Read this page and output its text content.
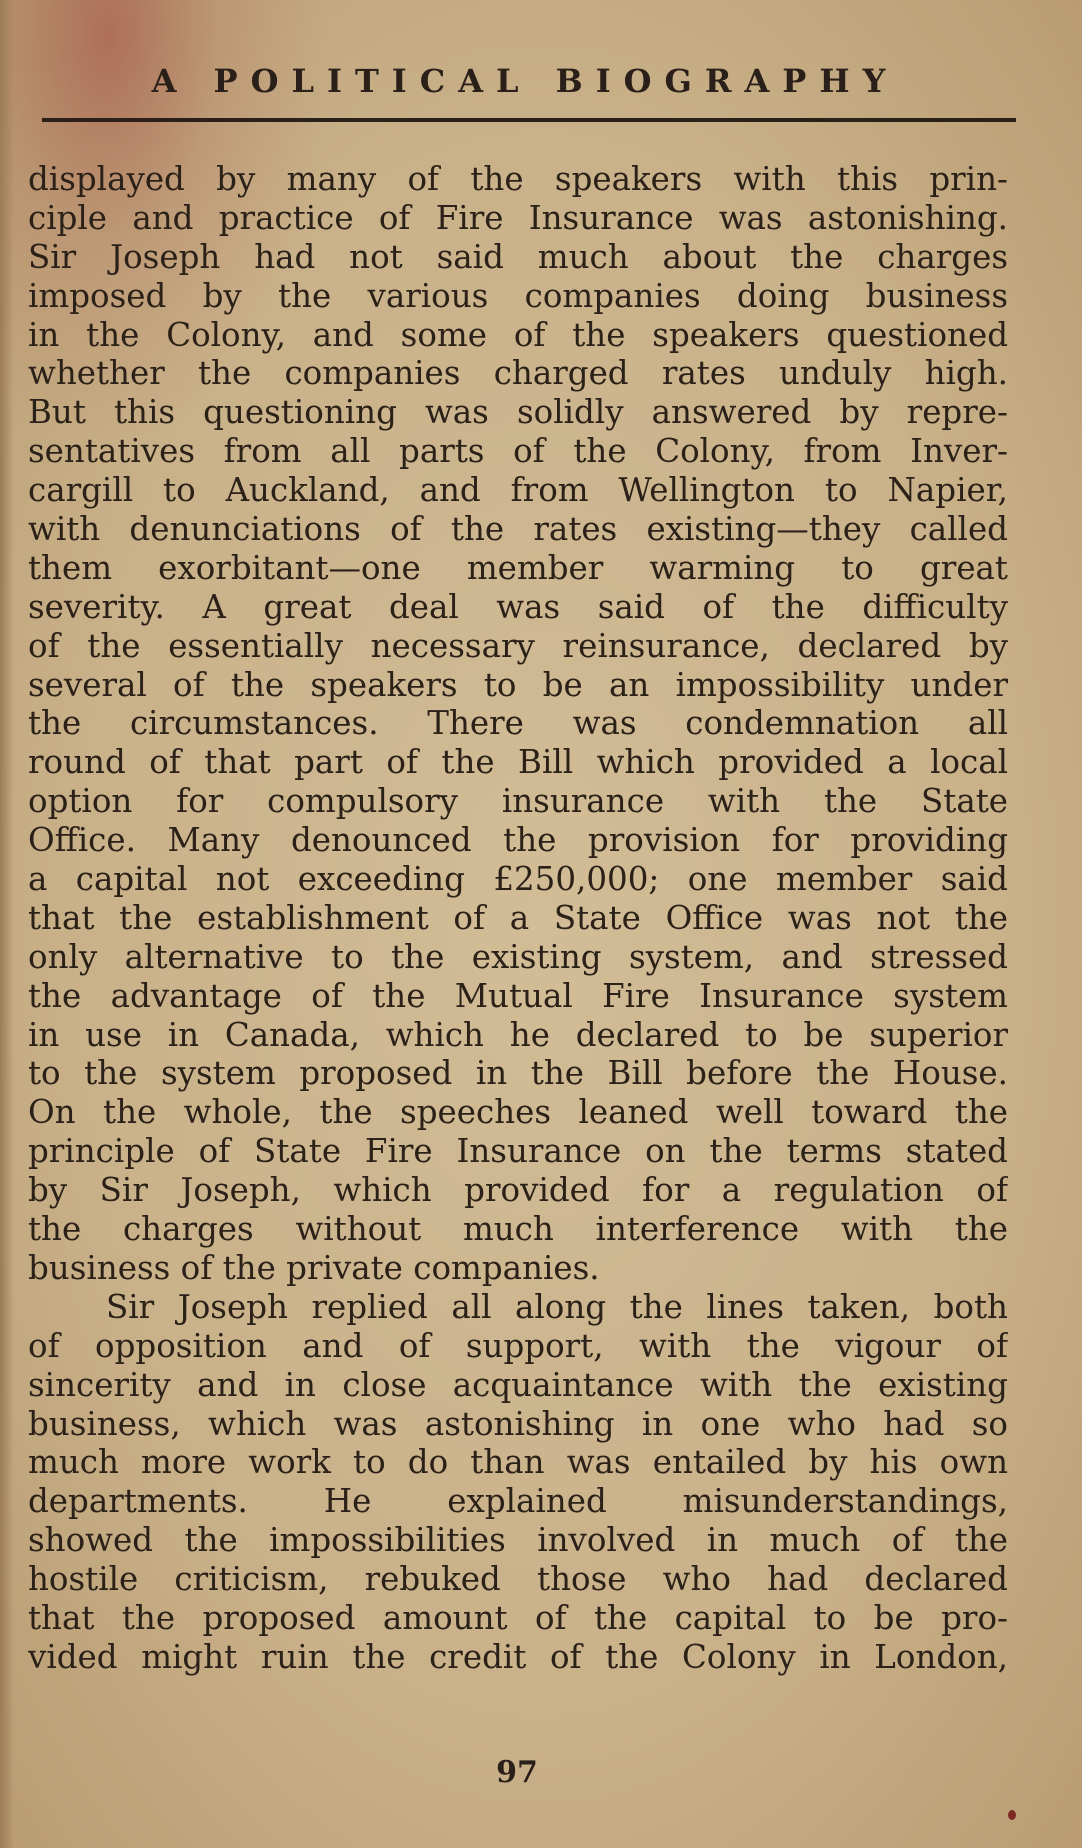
A POLITICAL BIOGRAPHY
displayed by many of the speakers with this prin-
ciple and practice of Fire Insurance was astonishing.
Sir Joseph had not said much about the charges
imposed by the various companies doing business
in the Colony, and some of the speakers questioned
whether the companies charged rates unduly high.
But this questioning was solidly answered by repre-
sentatives from all parts of the Colony, from Inver-
cargill to Auckland, and from Wellington to Napier,
with denunciations of the rates existing—they called
them exorbitant—one member warming to great
severity. A great deal was said of the difficulty
of the essentially necessary reinsurance, declared by
several of the speakers to be an impossibility under
the circumstances. There was condemnation all
round of that part of the Bill which provided a local
option for compulsory insurance with the State
Office. Many denounced the provision for providing
a capital not exceeding £250,000; one member said
that the establishment of a State Office was not the
only alternative to the existing system, and stressed
the advantage of the Mutual Fire Insurance system
in use in Canada, which he declared to be superior
to the system proposed in the Bill before the House.
On the whole, the speeches leaned well toward the
principle of State Fire Insurance on the terms stated
by Sir Joseph, which provided for a regulation of
the charges without much interference with the
business of the private companies.
Sir Joseph replied all along the lines taken, both
of opposition and of support, with the vigour of
sincerity and in close acquaintance with the existing
business, which was astonishing in one who had so
much more work to do than was entailed by his own
departments. He explained misunderstandings,
showed the impossibilities involved in much of the
hostile criticism, rebuked those who had declared
that the proposed amount of the capital to be pro-
vided might ruin the credit of the Colony in London,
97
